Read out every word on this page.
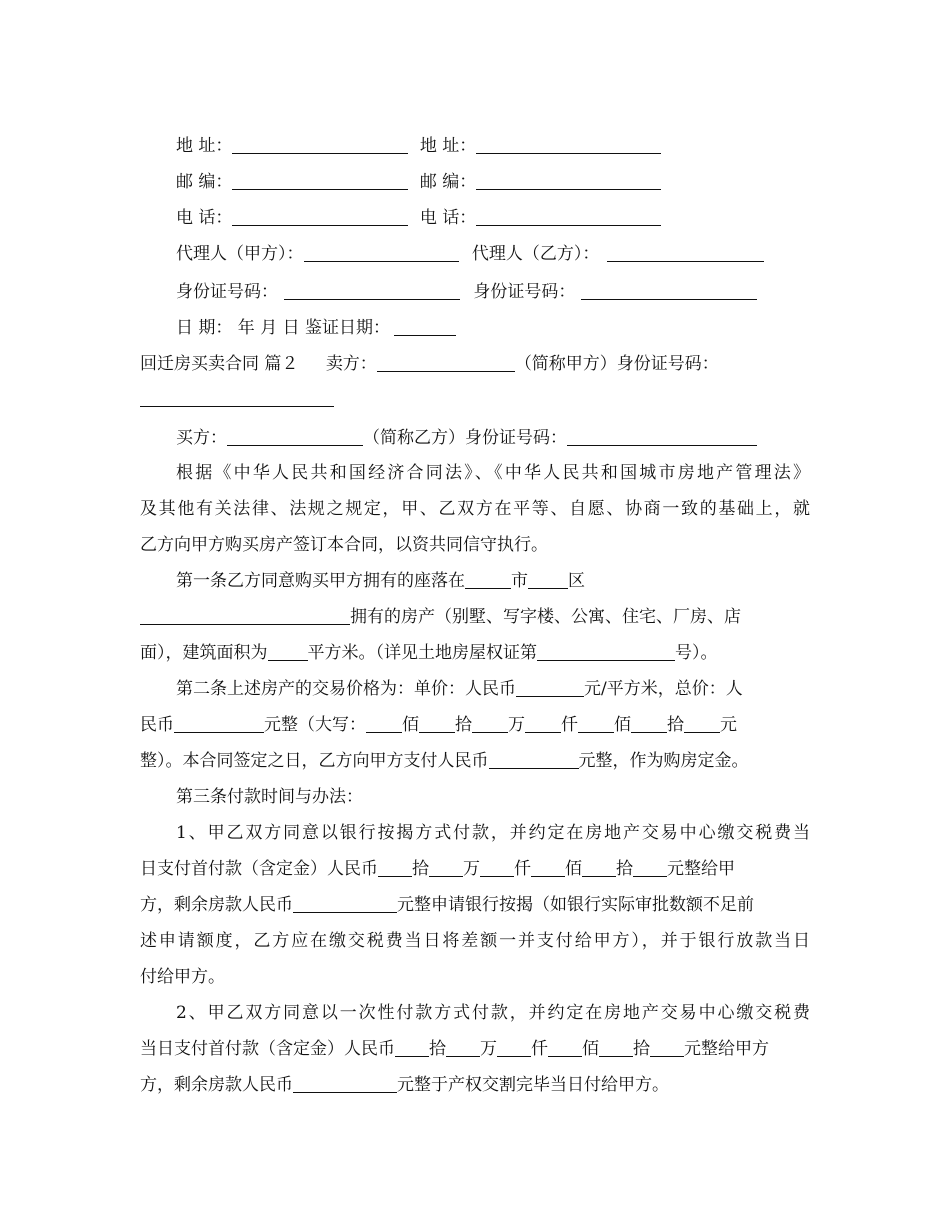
地 址：	地 址：
邮 编：	邮 编：
电 话：	电 话：
代理人（甲方）：	代理人（乙方）：
身份证号码：	身份证号码：
日 期： 年 月 日 鉴证日期：
回迁房买卖合同 篇２ 卖方：	（简称甲方）身份证号码：
买方：	（简称乙方）身份证号码：
根据《中华人民共和国经济合同法》、《中华人民共和国城市房地产管理法》
及其他有关法律、法规之规定，甲、乙双方在平等、自愿、协商一致的基础上，就
乙方向甲方购买房产签订本合同，以资共同信守执行。
第一条乙方同意购买甲方拥有的座落在	市 区
拥有的房产（别墅、写字楼、公寓、住宅、厂房、店
面），建筑面积为 平方米。（详见土地房屋权证第	号）。
第二条上述房产的交易价格为：单价：人民币	元/平方米，总价：人
民币	元整（大写： 佰 拾 万 仟 佰 拾 元
整）。本合同签定之日，乙方向甲方支付人民币	元整，作为购房定金。
第三条付款时间与办法：
1、甲乙双方同意以银行按揭方式付款，并约定在房地产交易中心缴交税费当
日支付首付款（含定金）人民币 拾 万 仟 佰 拾 元整给甲
方，剩余房款人民币	元整申请银行按揭（如银行实际审批数额不足前
述申请额度，乙方应在缴交税费当日将差额一并支付给甲方），并于银行放款当日
付给甲方。
2、甲乙双方同意以一次性付款方式付款，并约定在房地产交易中心缴交税费
当日支付首付款（含定金）人民币 拾 万 仟 佰 拾 元整给甲方
方，剩余房款人民币	元整于产权交割完毕当日付给甲方。
